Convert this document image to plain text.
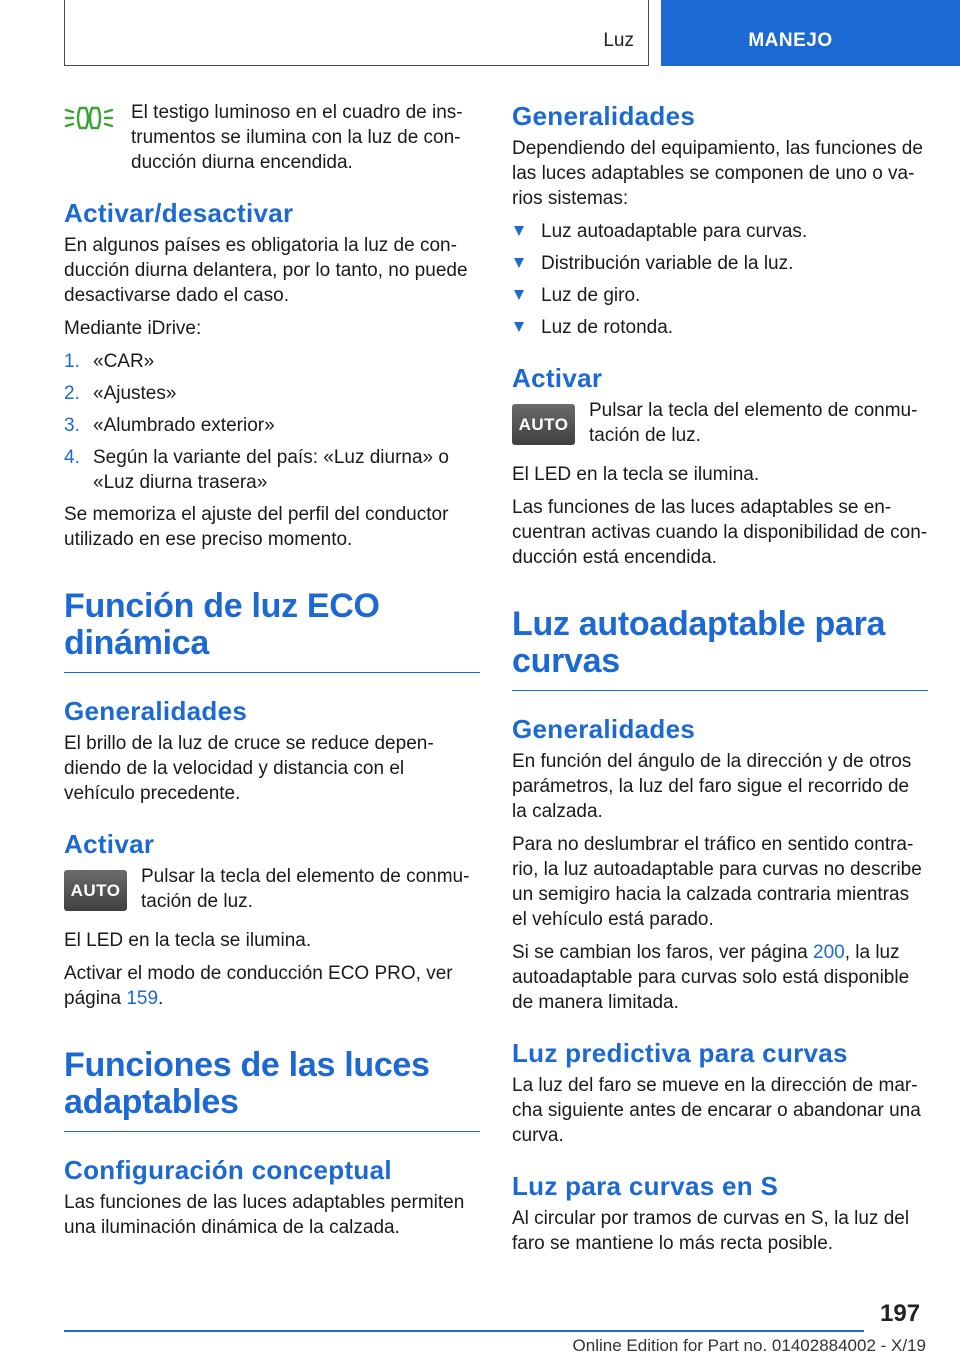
Luz	MANEJO

El testigo luminoso en el cuadro de ins-trumentos se ilumina con la luz de con-ducción diurna encendida.

Activar/desactivar

En algunos países es obligatoria la luz de con-ducción diurna delantera, por lo tanto, no puede desactivarse dado el caso.

Mediante iDrive:

1. «CAR»
2. «Ajustes»
3. «Alumbrado exterior»
4. Según la variante del país: «Luz diurna» o «Luz diurna trasera»

Se memoriza el ajuste del perfil del conductor utilizado en ese preciso momento.

Función de luz ECO dinámica
Generalidades

El brillo de la luz de cruce se reduce depen-diendo de la velocidad y distancia con el vehículo precedente.

Activar
AUTO

Pulsar la tecla del elemento de conmu-tación de luz.

El LED en la tecla se ilumina.

Activar el modo de conducción ECO PRO, ver página 159.

Funciones de las luces adaptables
Configuración conceptual

Las funciones de las luces adaptables permiten una iluminación dinámica de la calzada.

Generalidades

Dependiendo del equipamiento, las funciones de las luces adaptables se componen de uno o va-rios sistemas:

Luz autoadaptable para curvas.
Distribución variable de la luz.
Luz de giro.
Luz de rotonda.
Activar
AUTO

Pulsar la tecla del elemento de conmu-tación de luz.

El LED en la tecla se ilumina.

Las funciones de las luces adaptables se en-cuentran activas cuando la disponibilidad de con-ducción está encendida.

Luz autoadaptable para curvas
Generalidades

En función del ángulo de la dirección y de otros parámetros, la luz del faro sigue el recorrido de la calzada.

Para no deslumbrar el tráfico en sentido contra-rio, la luz autoadaptable para curvas no describe un semigiro hacia la calzada contraria mientras el vehículo está parado.

Si se cambian los faros, ver página 200, la luz autoadaptable para curvas solo está disponible de manera limitada.

Luz predictiva para curvas

La luz del faro se mueve en la dirección de mar-cha siguiente antes de encarar o abandonar una curva.

Luz para curvas en S

Al circular por tramos de curvas en S, la luz del faro se mantiene lo más recta posible.

197
Online Edition for Part no. 01402884002 - X/19
